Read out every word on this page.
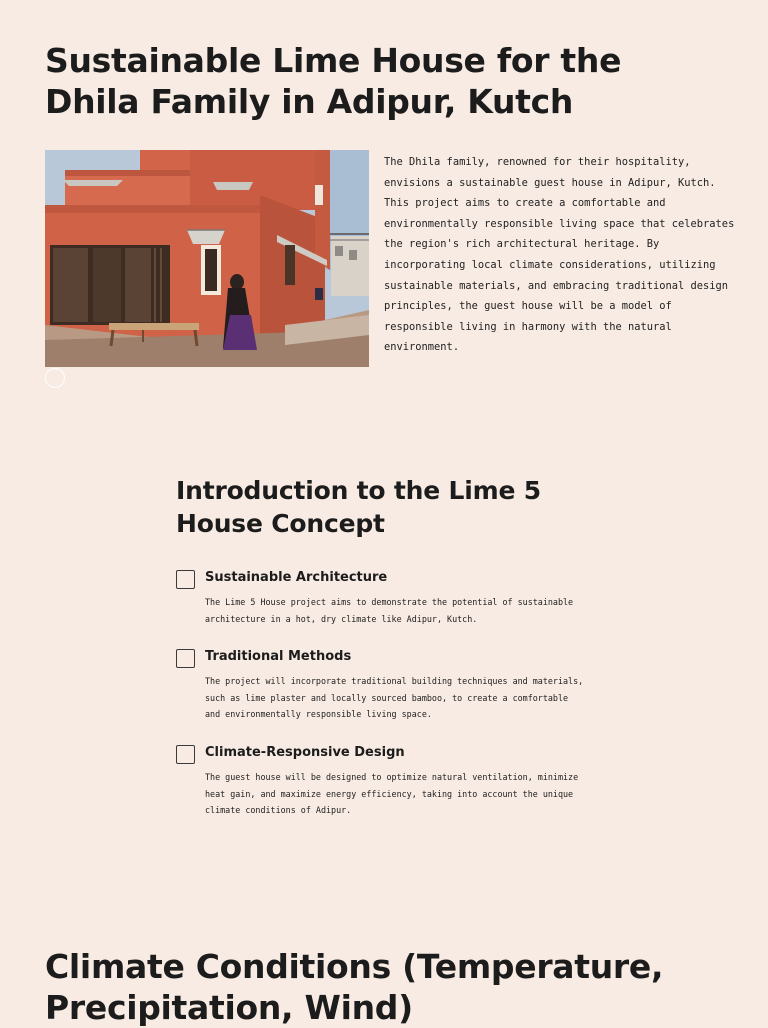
Sustainable Lime House for the Dhila Family in Adipur, Kutch

The Dhila family, renowned for their hospitality, envisions a sustainable guest house in Adipur, Kutch. This project aims to create a comfortable and environmentally responsible living space that celebrates the region's rich architectural heritage. By incorporating local climate considerations, utilizing sustainable materials, and embracing traditional design principles, the guest house will be a model of responsible living in harmony with the natural environment.

Introduction to the Lime 5 House Concept
Sustainable Architecture

The Lime 5 House project aims to demonstrate the potential of sustainable architecture in a hot, dry climate like Adipur, Kutch.

Traditional Methods

The project will incorporate traditional building techniques and materials, such as lime plaster and locally sourced bamboo, to create a comfortable and environmentally responsible living space.

Climate-Responsive Design

The guest house will be designed to optimize natural ventilation, minimize heat gain, and maximize energy efficiency, taking into account the unique climate conditions of Adipur.

Climate Conditions (Temperature, Precipitation, Wind)
